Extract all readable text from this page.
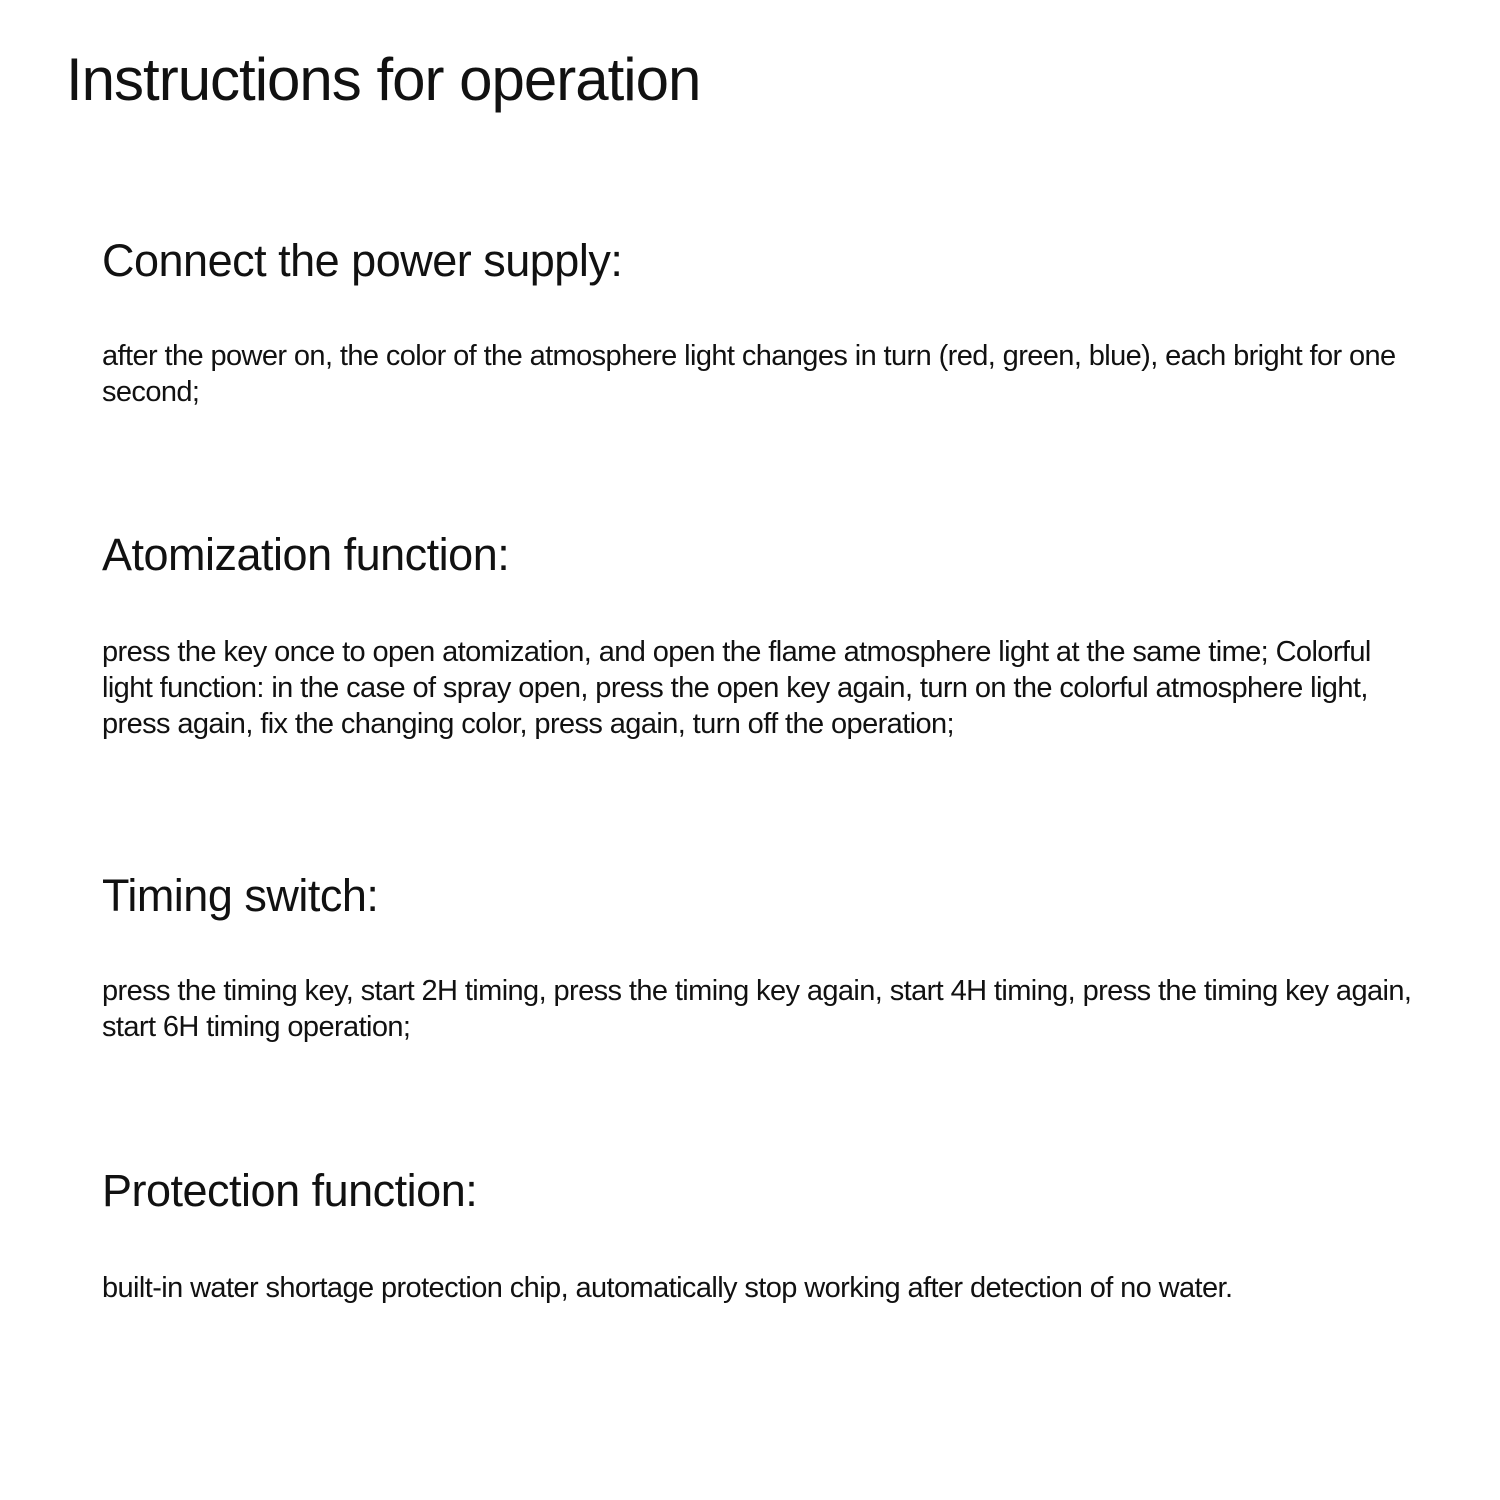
Instructions for operation
Connect the power supply:

after the power on, the color of the atmosphere light changes in turn (red, green, blue), each bright for one second;

Atomization function:

press the key once to open atomization, and open the flame atmosphere light at the same time; Colorful light function: in the case of spray open, press the open key again, turn on the colorful atmosphere light, press again, fix the changing color, press again, turn off the operation;

Timing switch:

press the timing key, start 2H timing, press the timing key again, start 4H timing, press the timing key again, start 6H timing operation;

Protection function:

built-in water shortage protection chip, automatically stop working after detection of no water.
